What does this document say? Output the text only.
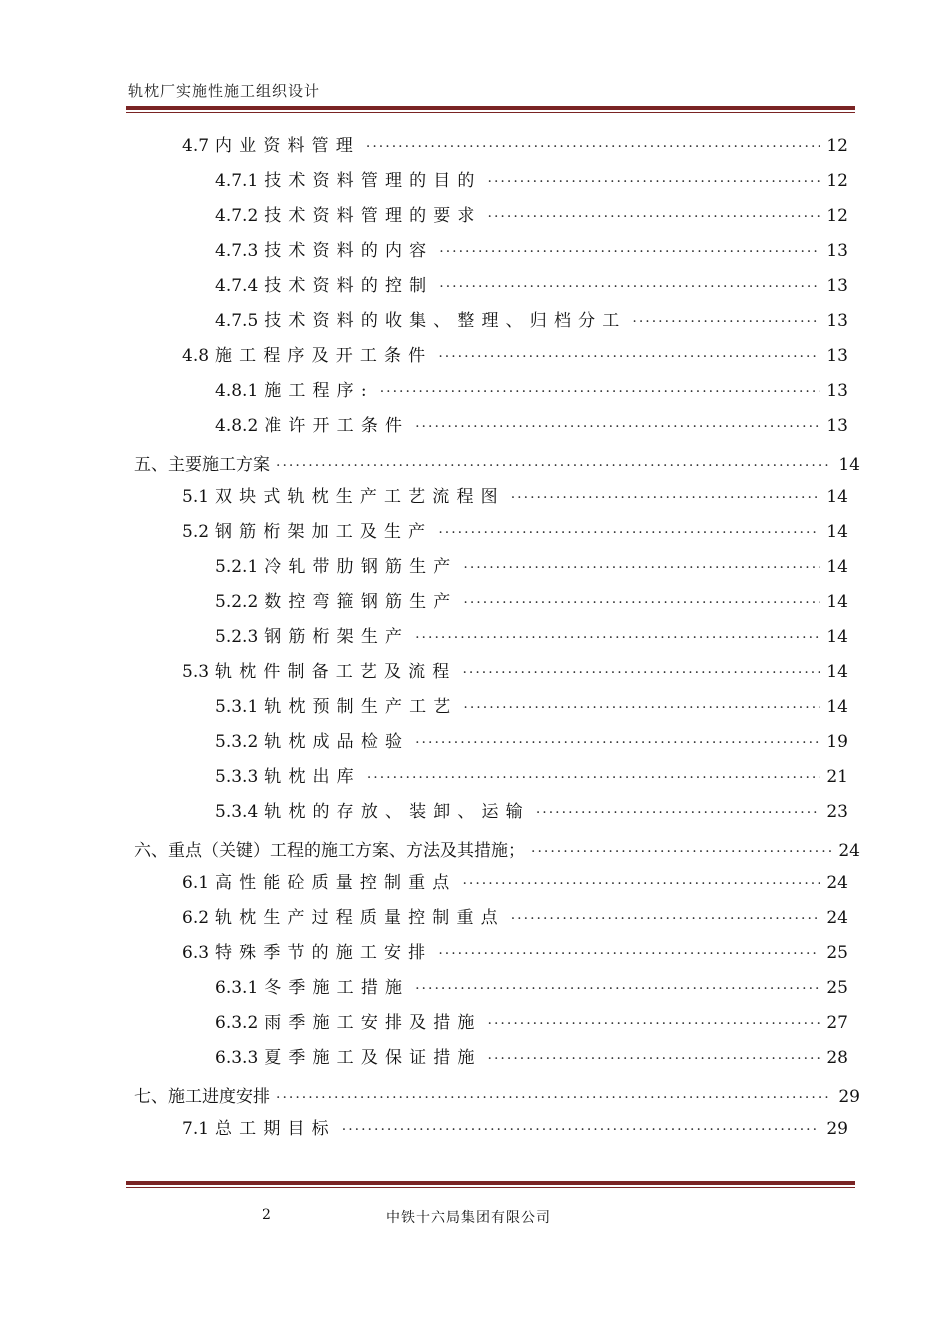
轨枕厂实施性施工组织设计
4.7 内业资料管理 ·····	12
4.7.1 技术资料管理的目的 ·····	12
4.7.2 技术资料管理的要求 ·····	12
4.7.3 技术资料的内容 ·····	13
4.7.4 技术资料的控制 ·····	13
4.7.5 技术资料的收集、整理、归档分工 ·····	13
4.8 施工程序及开工条件 ·····	13
4.8.1 施工程序: ·····	13
4.8.2 准许开工条件 ·····	13
五、主要施工方案 ·····	14
5.1 双块式轨枕生产工艺流程图 ·····	14
5.2 钢筋桁架加工及生产 ·····	14
5.2.1 冷轧带肋钢筋生产 ·····	14
5.2.2 数控弯箍钢筋生产 ·····	14
5.2.3 钢筋桁架生产 ·····	14
5.3 轨枕件制备工艺及流程 ·····	14
5.3.1 轨枕预制生产工艺 ·····	14
5.3.2 轨枕成品检验 ·····	19
5.3.3 轨枕出库 ·····	21
5.3.4 轨枕的存放、装卸、运输 ·····	23
六、重点（关键）工程的施工方案、方法及其措施； ·····	24
6.1 高性能砼质量控制重点 ·····	24
6.2 轨枕生产过程质量控制重点 ·····	24
6.3 特殊季节的施工安排 ·····	25
6.3.1 冬季施工措施 ·····	25
6.3.2 雨季施工安排及措施 ·····	27
6.3.3 夏季施工及保证措施 ·····	28
七、施工进度安排 ·····	29
7.1 总工期目标 ·····	29
2	中铁十六局集团有限公司
